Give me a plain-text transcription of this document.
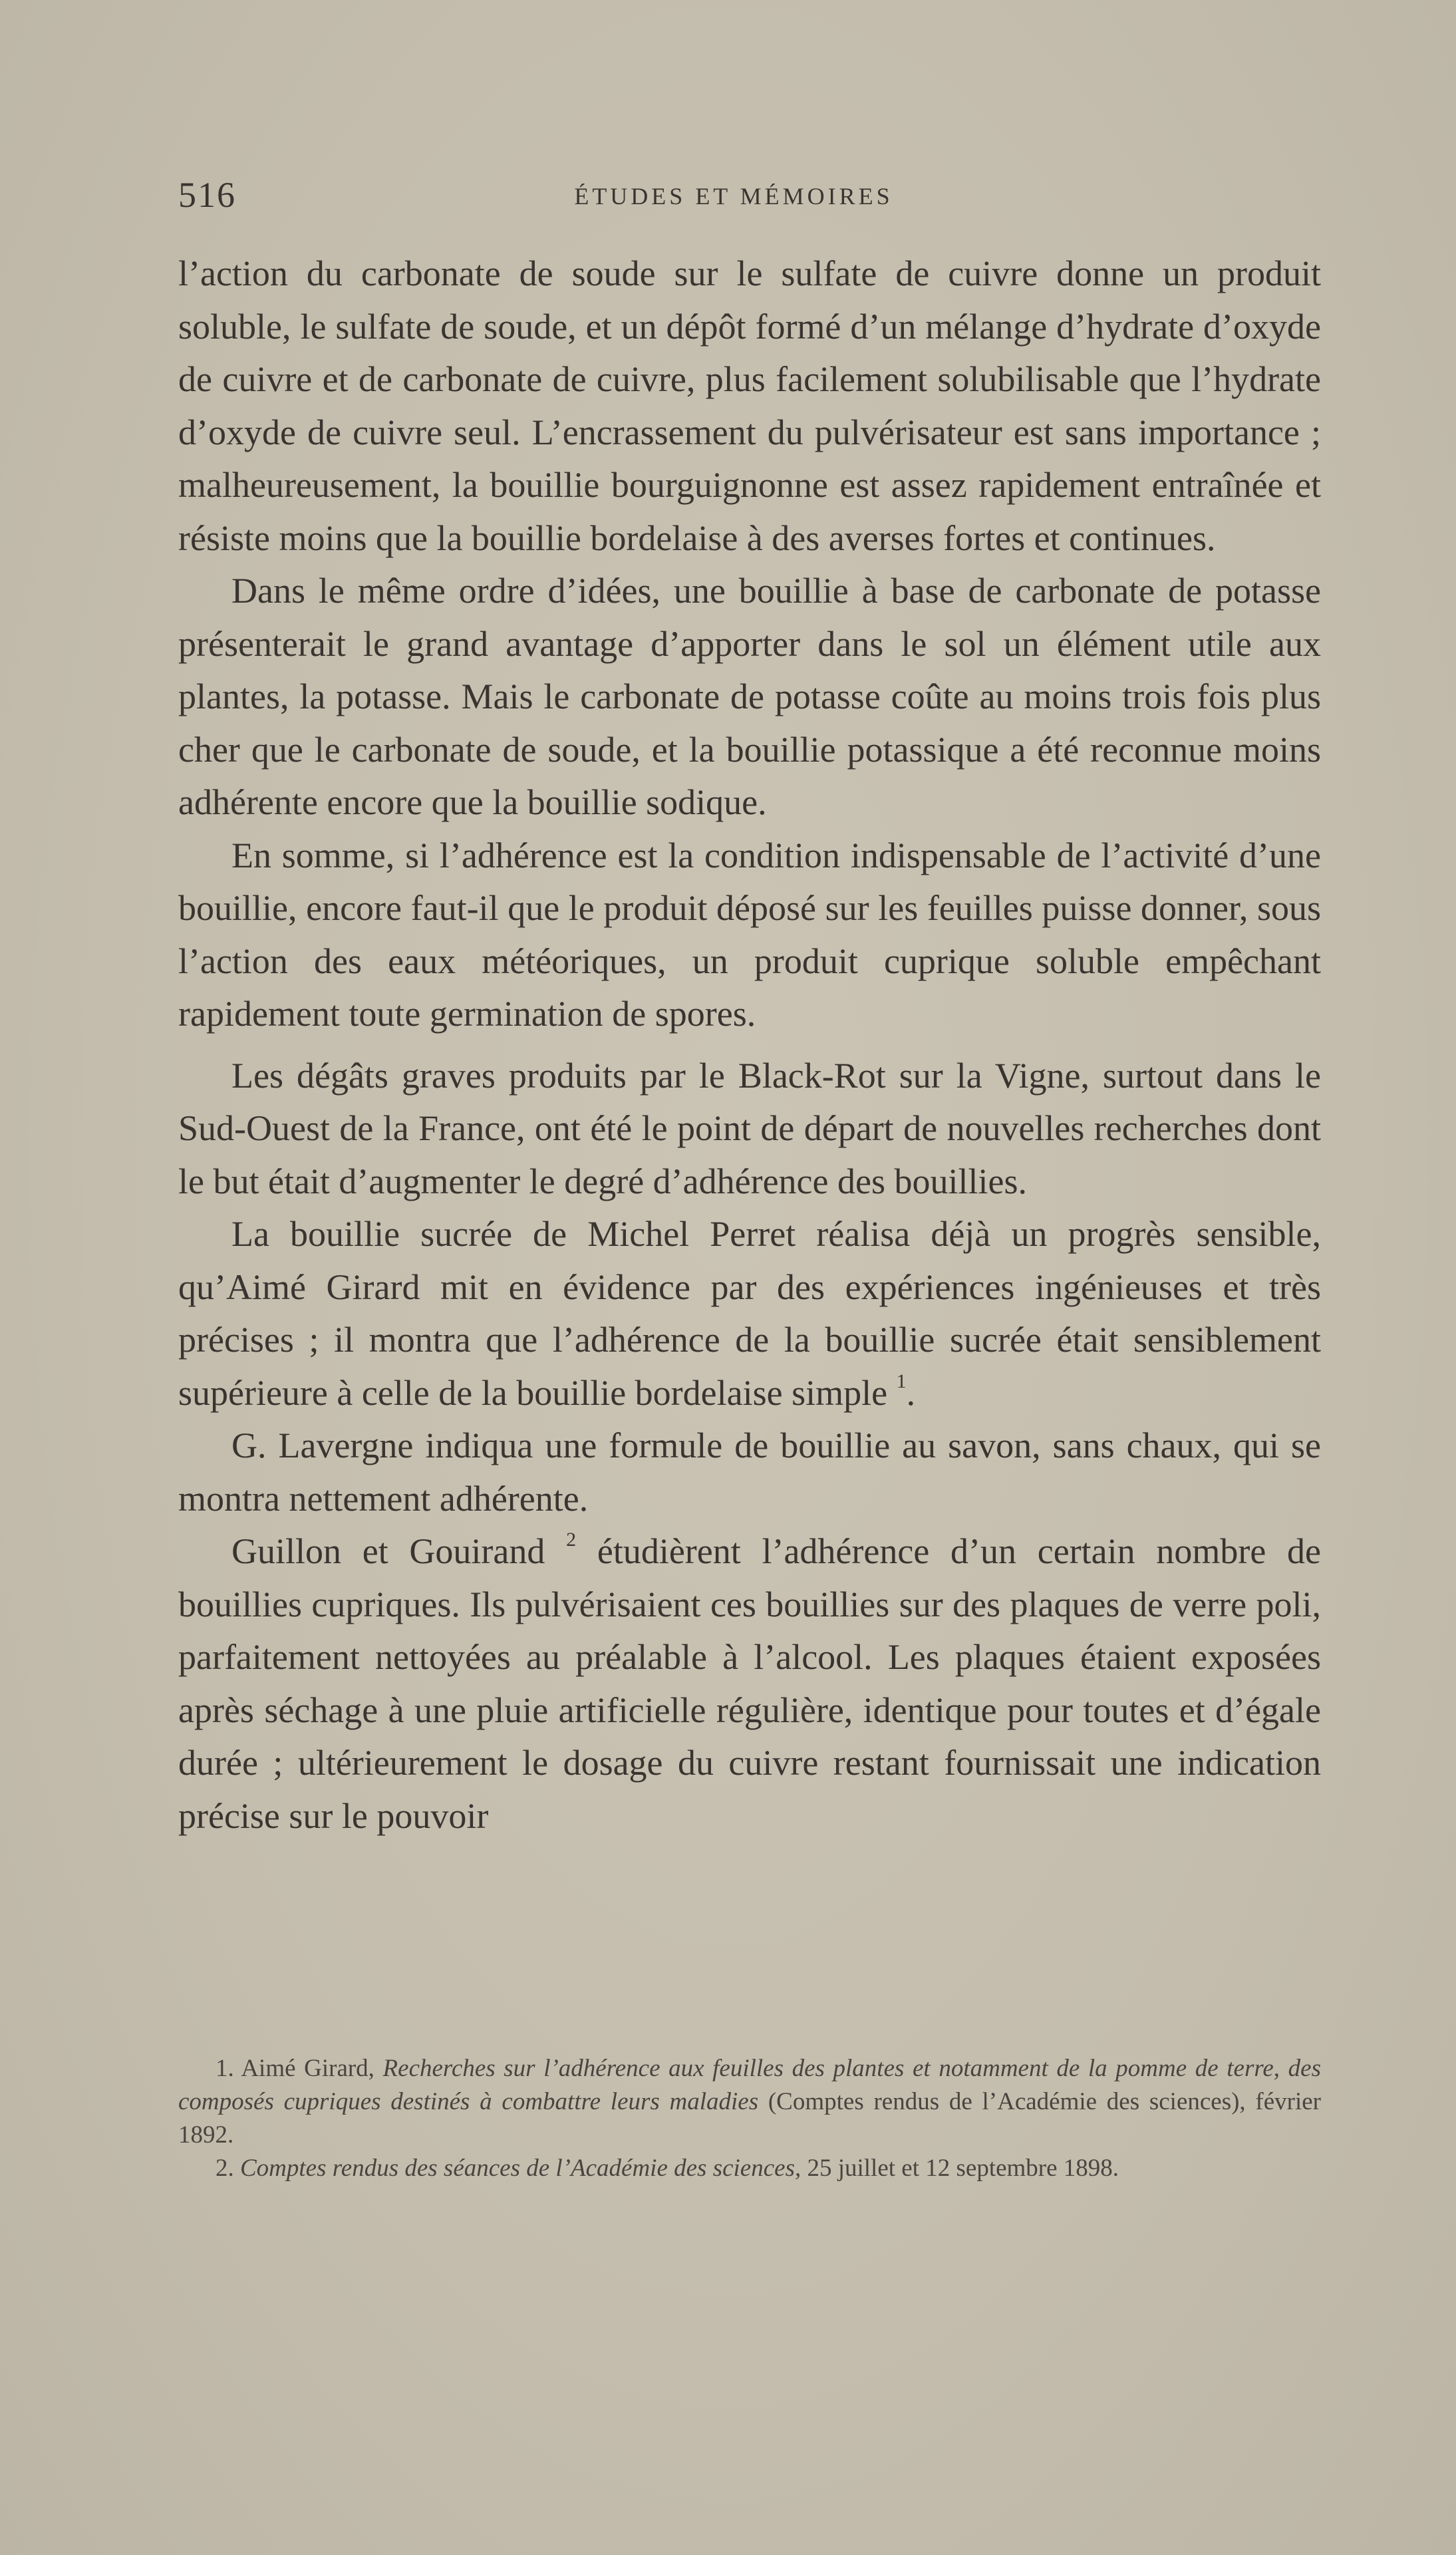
516	ÉTUDES ET MÉMOIRES

l’action du carbonate de soude sur le sulfate de cuivre donne un produit soluble, le sulfate de soude, et un dépôt formé d’un mélange d’hydrate d’oxyde de cuivre et de carbonate de cuivre, plus facilement solubilisable que l’hydrate d’oxyde de cuivre seul. L’encrassement du pulvérisateur est sans importance ; malheureusement, la bouillie bourguignonne est assez rapidement entraînée et résiste moins que la bouillie bordelaise à des averses fortes et continues.

Dans le même ordre d’idées, une bouillie à base de carbonate de potasse présenterait le grand avantage d’apporter dans le sol un élément utile aux plantes, la potasse. Mais le carbonate de potasse coûte au moins trois fois plus cher que le carbonate de soude, et la bouillie potassique a été reconnue moins adhérente encore que la bouillie sodique.

En somme, si l’adhérence est la condition indispensable de l’activité d’une bouillie, encore faut-il que le produit déposé sur les feuilles puisse donner, sous l’action des eaux météoriques, un produit cuprique soluble empêchant rapidement toute germination de spores.

Les dégâts graves produits par le Black-Rot sur la Vigne, surtout dans le Sud-Ouest de la France, ont été le point de départ de nouvelles recherches dont le but était d’augmenter le degré d’adhérence des bouillies.

La bouillie sucrée de Michel Perret réalisa déjà un progrès sensible, qu’Aimé Girard mit en évidence par des expériences ingénieuses et très précises ; il montra que l’adhérence de la bouillie sucrée était sensiblement supérieure à celle de la bouillie bordelaise simple $^1$.

G. Lavergne indiqua une formule de bouillie au savon, sans chaux, qui se montra nettement adhérente.

Guillon et Gouirand $^2$ étudièrent l’adhérence d’un certain nombre de bouillies cupriques. Ils pulvérisaient ces bouillies sur des plaques de verre poli, parfaitement nettoyées au préalable à l’alcool. Les plaques étaient exposées après séchage à une pluie artificielle régulière, identique pour toutes et d’égale durée ; ultérieurement le dosage du cuivre restant fournissait une indication précise sur le pouvoir

1. Aimé Girard, Recherches sur l’adhérence aux feuilles des plantes et notamment de la pomme de terre, des composés cupriques destinés à combattre leurs maladies (Comptes rendus de l’Académie des sciences), février 1892.

2. Comptes rendus des séances de l’Académie des sciences, 25 juillet et 12 septembre 1898.
